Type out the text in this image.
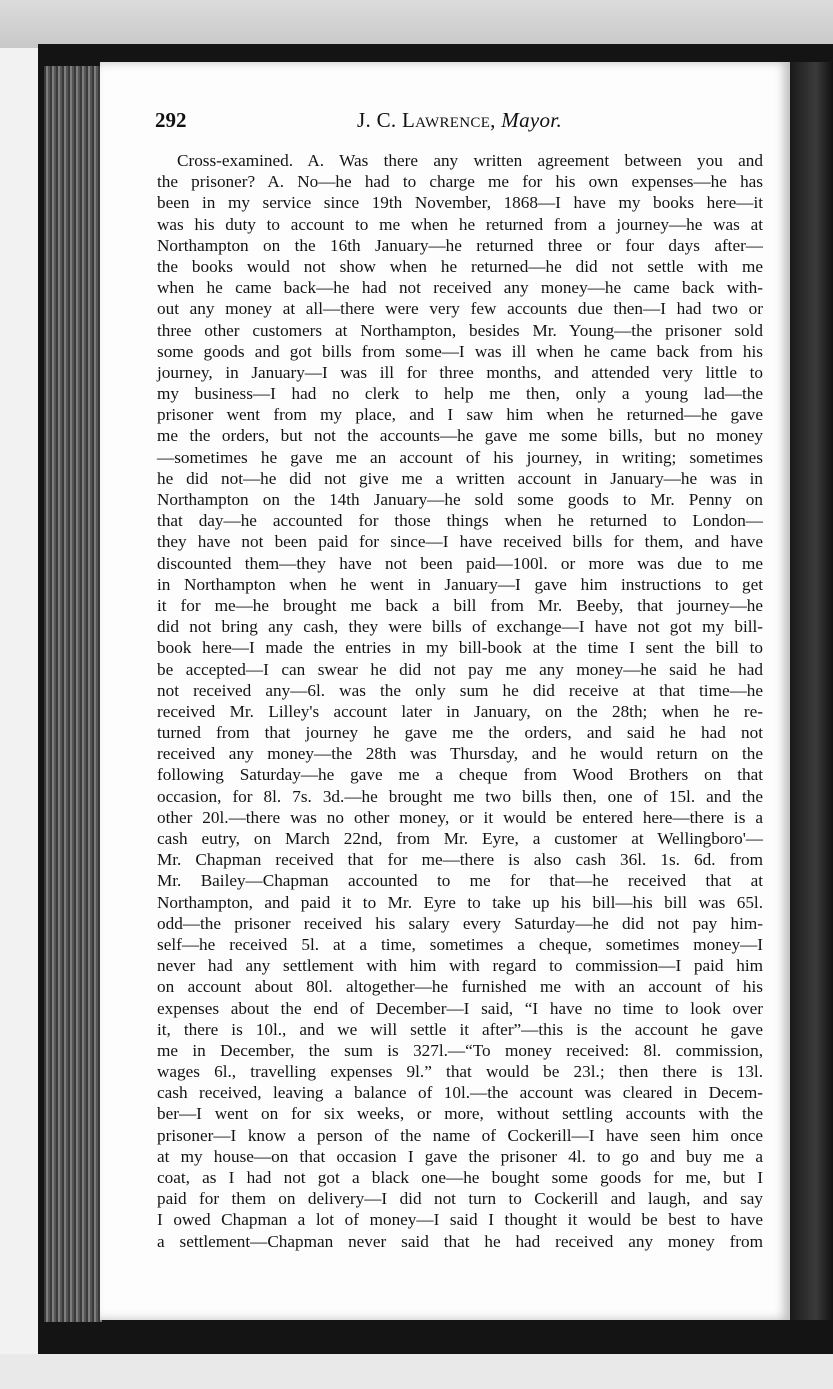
292	J. C. Lawrence, Mayor.
Cross-examined. A. Was there any written agreement between you and
the prisoner? A. No—he had to charge me for his own expenses—he has
been in my service since 19th November, 1868—I have my books here—it
was his duty to account to me when he returned from a journey—he was at
Northampton on the 16th January—he returned three or four days after—
the books would not show when he returned—he did not settle with me
when he came back—he had not received any money—he came back with-
out any money at all—there were very few accounts due then—I had two or
three other customers at Northampton, besides Mr. Young—the prisoner sold
some goods and got bills from some—I was ill when he came back from his
journey, in January—I was ill for three months, and attended very little to
my business—I had no clerk to help me then, only a young lad—the
prisoner went from my place, and I saw him when he returned—he gave
me the orders, but not the accounts—he gave me some bills, but no money
—sometimes he gave me an account of his journey, in writing; sometimes
he did not—he did not give me a written account in January—he was in
Northampton on the 14th January—he sold some goods to Mr. Penny on
that day—he accounted for those things when he returned to London—
they have not been paid for since—I have received bills for them, and have
discounted them—they have not been paid—100l. or more was due to me
in Northampton when he went in January—I gave him instructions to get
it for me—he brought me back a bill from Mr. Beeby, that journey—he
did not bring any cash, they were bills of exchange—I have not got my bill-
book here—I made the entries in my bill-book at the time I sent the bill to
be accepted—I can swear he did not pay me any money—he said he had
not received any—6l. was the only sum he did receive at that time—he
received Mr. Lilley's account later in January, on the 28th; when he re-
turned from that journey he gave me the orders, and said he had not
received any money—the 28th was Thursday, and he would return on the
following Saturday—he gave me a cheque from Wood Brothers on that
occasion, for 8l. 7s. 3d.—he brought me two bills then, one of 15l. and the
other 20l.—there was no other money, or it would be entered here—there is a
cash eutry, on March 22nd, from Mr. Eyre, a customer at Wellingboro'—
Mr. Chapman received that for me—there is also cash 36l. 1s. 6d. from
Mr. Bailey—Chapman accounted to me for that—he received that at
Northampton, and paid it to Mr. Eyre to take up his bill—his bill was 65l.
odd—the prisoner received his salary every Saturday—he did not pay him-
self—he received 5l. at a time, sometimes a cheque, sometimes money—I
never had any settlement with him with regard to commission—I paid him
on account about 80l. altogether—he furnished me with an account of his
expenses about the end of December—I said, “I have no time to look over
it, there is 10l., and we will settle it after”—this is the account he gave
me in December, the sum is 327l.—“To money received: 8l. commission,
wages 6l., travelling expenses 9l.” that would be 23l.; then there is 13l.
cash received, leaving a balance of 10l.—the account was cleared in Decem-
ber—I went on for six weeks, or more, without settling accounts with the
prisoner—I know a person of the name of Cockerill—I have seen him once
at my house—on that occasion I gave the prisoner 4l. to go and buy me a
coat, as I had not got a black one—he bought some goods for me, but I
paid for them on delivery—I did not turn to Cockerill and laugh, and say
I owed Chapman a lot of money—I said I thought it would be best to have
a settlement—Chapman never said that he had received any money from
